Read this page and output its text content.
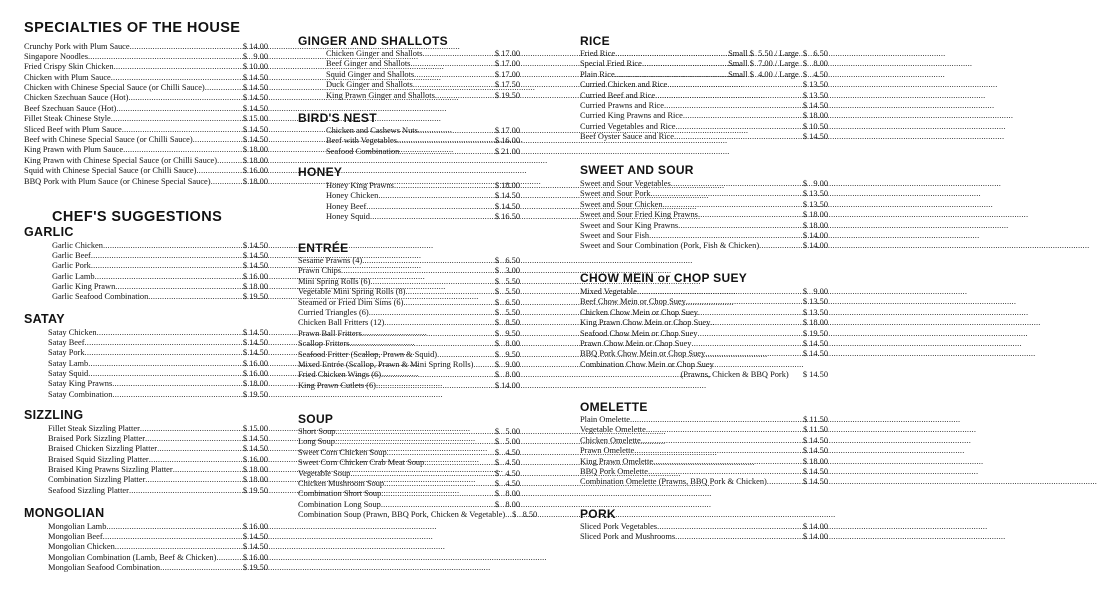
SPECIALTIES OF THE HOUSE
Crunchy Pork with Plum Sauce .....	$ 14.00
Singapore Noodles .....	$   9.00
Fried Crispy Skin Chicken .....	$ 10.00
Chicken with Plum Sauce .....	$ 14.50
Chicken with Chinese Special Sauce (or Chilli Sauce) .....	$ 14.50
Chicken Szechuan Sauce (Hot) .....	$ 14.50
Beef Szechuan Sauce (Hot) .....	$ 14.50
Fillet Steak Chinese Style .....	$ 15.00
Sliced Beef with Plum Sauce .....	$ 14.50
Beef with Chinese Special Sauce (or Chilli Sauce) .....	$ 14.50
King Prawn with Plum Sauce .....	$ 18.00
King Prawn with Chinese Special Sauce (or Chilli Sauce) .....	$ 18.00
Squid with Chinese Special Sauce (or Chilli Sauce) .....	$ 16.00
BBQ Pork with Plum Sauce (or Chinese Special Sauce) .....	$ 18.00
CHEF'S SUGGESTIONS
GARLIC
Garlic Chicken .....	$ 14.50
Garlic Beef .....	$ 14.50
Garlic Pork .....	$ 14.50
Garlic Lamb .....	$ 16.00
Garlic King Prawn .....	$ 18.00
Garlic Seafood Combination .....	$ 19.50
SATAY
Satay Chicken .....	$ 14.50
Satay Beef .....	$ 14.50
Satay Pork .....	$ 14.50
Satay Lamb .....	$ 16.00
Satay Squid .....	$ 16.00
Satay King Prawns .....	$ 18.00
Satay Combination .....	$ 19.50
SIZZLING
Fillet Steak Sizzling Platter .....	$ 15.00
Braised Pork Sizzling Platter .....	$ 14.50
Braised Chicken Sizzling Platter .....	$ 14.50
Braised Squid Sizzling Platter .....	$ 16.00
Braised King Prawns Sizzling Platter .....	$ 18.00
Combination Sizzling Platter .....	$ 18.00
Seafood Sizzling Platter .....	$ 19.50
MONGOLIAN
Mongolian Lamb .....	$ 16.00
Mongolian Beef .....	$ 14.50
Mongolian Chicken .....	$ 14.50
Mongolian Combination (Lamb, Beef & Chicken) .....	$ 16.00
Mongolian Seafood Combination .....	$ 19.50
GINGER AND SHALLOTS
Chicken Ginger and Shallots .....	$ 17.00
Beef Ginger and Shallots .....	$ 17.00
Squid Ginger and Shallots .....	$ 17.00
Duck Ginger and Shallots .....	$ 17.50
King Prawn Ginger and Shallots .....	$ 19.50
BIRD'S NEST
Chicken and Cashews Nuts .....	$ 17.00
Beef with Vegetables .....	$ 16.00
Seafood Combination .....	$ 21.00
HONEY
Honey King Prawns .....	$ 18.00
Honey Chicken .....	$ 14.50
Honey Beef .....	$ 14.50
Honey Squid .....	$ 16.50
ENTRÉE
Sesame Prawns (4) .....	$   6.50
Prawn Chips .....	$   3.00
Mini Spring Rolls (6) .....	$   5.50
Vegetable Mini Spring Rolls (8) .....	$   5.50
Steamed or Fried Dim Sims (6) .....	$   6.50
Curried Triangles (6) .....	$   5.50
Chicken Ball Fritters (12) .....	$   8.50
Prawn Ball Fritters .....	$   9.50
Scallop Fritters .....	$   8.00
Seafood Fritter (Scallop, Prawn & Squid) .....	$   9.50
Mixed Entrée (Scallop, Prawn & Mini Spring Rolls) .....	$   9.00
Fried Chicken Wings (6) .....	$   8.00
King Prawn Cutlets (6) .....	$ 14.00
SOUP
Short Soup .....	$   5.00
Long Soup .....	$   5.00
Sweet Corn Chicken Soup .....	$   4.50
Sweet Corn Chicken Crab Meat Soup .....	$   4.50
Vegetable Soup .....	$   4.50
Chicken Mushroom Soup .....	$   4.50
Combination Short Soup .....	$   8.00
Combination Long Soup .....	$   8.00
Combination Soup (Prawn, BBQ Pork, Chicken & Vegetable) ..... $   8.50
RICE
Fried Rice .....	Small $  5.50 / Large  $   6.50
Special Fried Rice .....	Small $  7.00 / Large  $   8.00
Plain Rice .....	Small $  4.00 / Large  $   4.50
Curried Chicken and Rice .....	$ 13.50
Curried Beef and Rice .....	$ 13.50
Curried Prawns and Rice .....	$ 14.50
Curried King Prawns and Rice .....	$ 18.00
Curried Vegetables and Rice .....	$ 10.50
Beef Oyster Sauce and Rice .....	$ 14.50
SWEET AND SOUR
Sweet and Sour Vegetables .....	$   9.00
Sweet and Sour Pork .....	$ 13.50
Sweet and Sour Chicken .....	$ 13.50
Sweet and Sour Fried King Prawns .....	$ 18.00
Sweet and Sour King Prawns .....	$ 18.00
Sweet and Sour Fish .....	$ 14.00
Sweet and Sour Combination (Pork, Fish & Chicken) .....	$ 14.00
CHOW MEIN or CHOP SUEY
Mixed Vegetable .....	$   9.00
Beef Chow Mein or Chop Suey .....	$ 13.50
Chicken Chow Mein or Chop Suey .....	$ 13.50
King Prawn Chow Mein or Chop Suey .....	$ 18.00
Seafood Chow Mein or Chop Suey .....	$ 19.50
Prawn Chow Mein or Chop Suey .....	$ 14.50
BBQ Pork Chow Mein or Chop Suey .....	$ 14.50
Combination Chow Mein or Chop Suey
(Prawns, Chicken & BBQ Pork) $ 14.50
OMELETTE
Plain Omelette .....	$ 11.50
Vegetable Omelette .....	$ 11.50
Chicken Omelette .....	$ 14.50
Prawn Omelette .....	$ 14.50
King Prawn Omelette .....	$ 18.00
BBQ Pork Omelette .....	$ 14.50
Combination Omelette (Prawns, BBQ Pork & Chicken) .....	$ 14.50
PORK
Sliced Pork Vegetables .....	$ 14.00
Sliced Pork and Mushrooms .....	$ 14.00
